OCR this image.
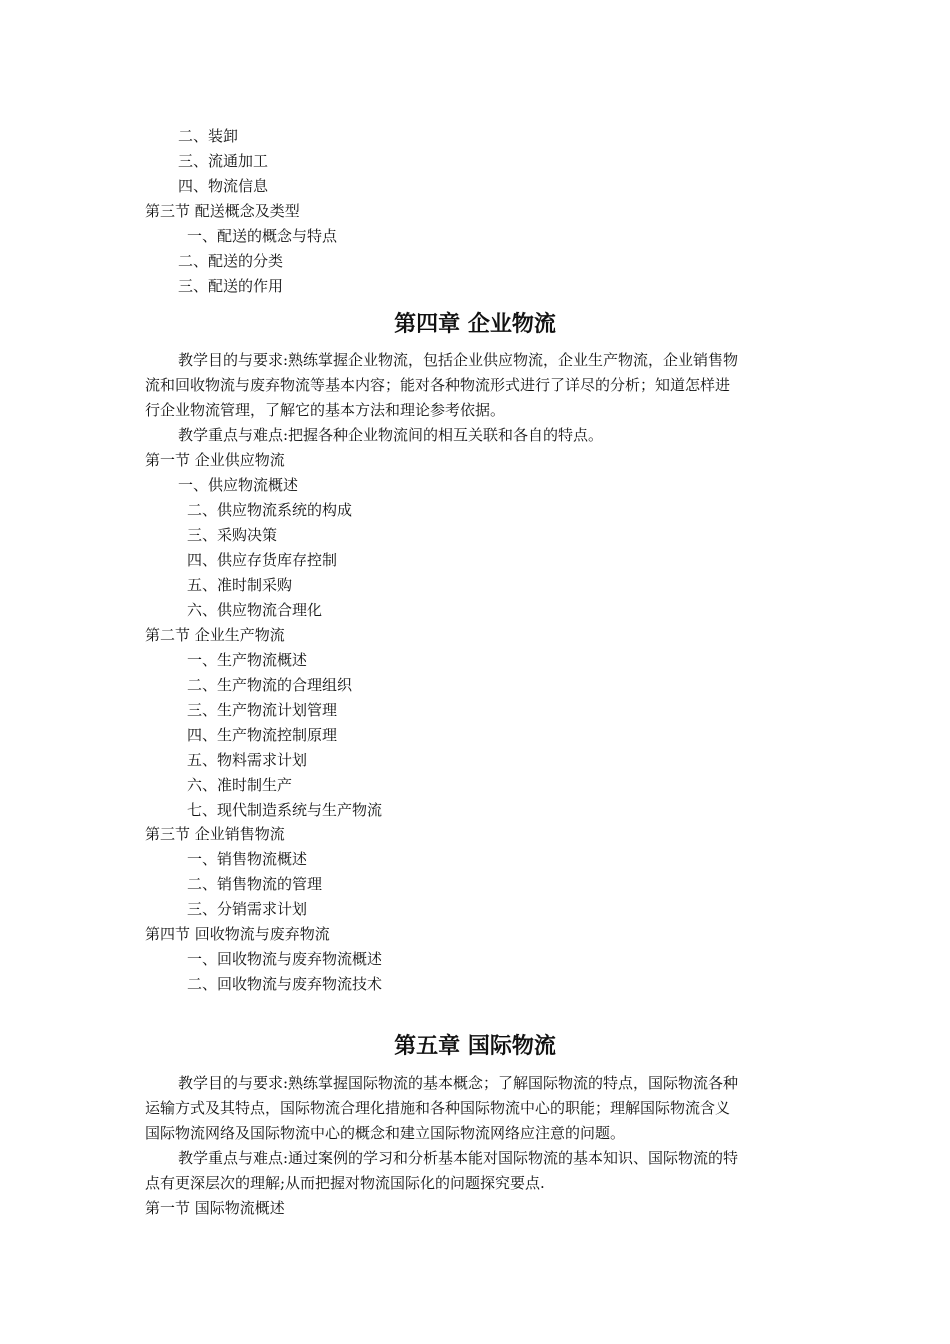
二、装卸
三、流通加工
四、物流信息
第三节 配送概念及类型
一、配送的概念与特点
二、配送的分类
三、配送的作用
第四章 企业物流
教学目的与要求:熟练掌握企业物流，包括企业供应物流，企业生产物流，企业销售物
流和回收物流与废弃物流等基本内容；能对各种物流形式进行了详尽的分析；知道怎样进
行企业物流管理，了解它的基本方法和理论参考依据。
教学重点与难点:把握各种企业物流间的相互关联和各自的特点。
第一节 企业供应物流
一、供应物流概述
二、供应物流系统的构成
三、采购决策
四、供应存货库存控制
五、准时制采购
六、供应物流合理化
第二节 企业生产物流
一、生产物流概述
二、生产物流的合理组织
三、生产物流计划管理
四、生产物流控制原理
五、物料需求计划
六、准时制生产
七、现代制造系统与生产物流
第三节 企业销售物流
一、销售物流概述
二、销售物流的管理
三、分销需求计划
第四节 回收物流与废弃物流
一、回收物流与废弃物流概述
二、回收物流与废弃物流技术
第五章 国际物流
教学目的与要求:熟练掌握国际物流的基本概念；了解国际物流的特点，国际物流各种
运输方式及其特点，国际物流合理化措施和各种国际物流中心的职能；理解国际物流含义
国际物流网络及国际物流中心的概念和建立国际物流网络应注意的问题。
教学重点与难点:通过案例的学习和分析基本能对国际物流的基本知识、国际物流的特
点有更深层次的理解;从而把握对物流国际化的问题探究要点.
第一节 国际物流概述
